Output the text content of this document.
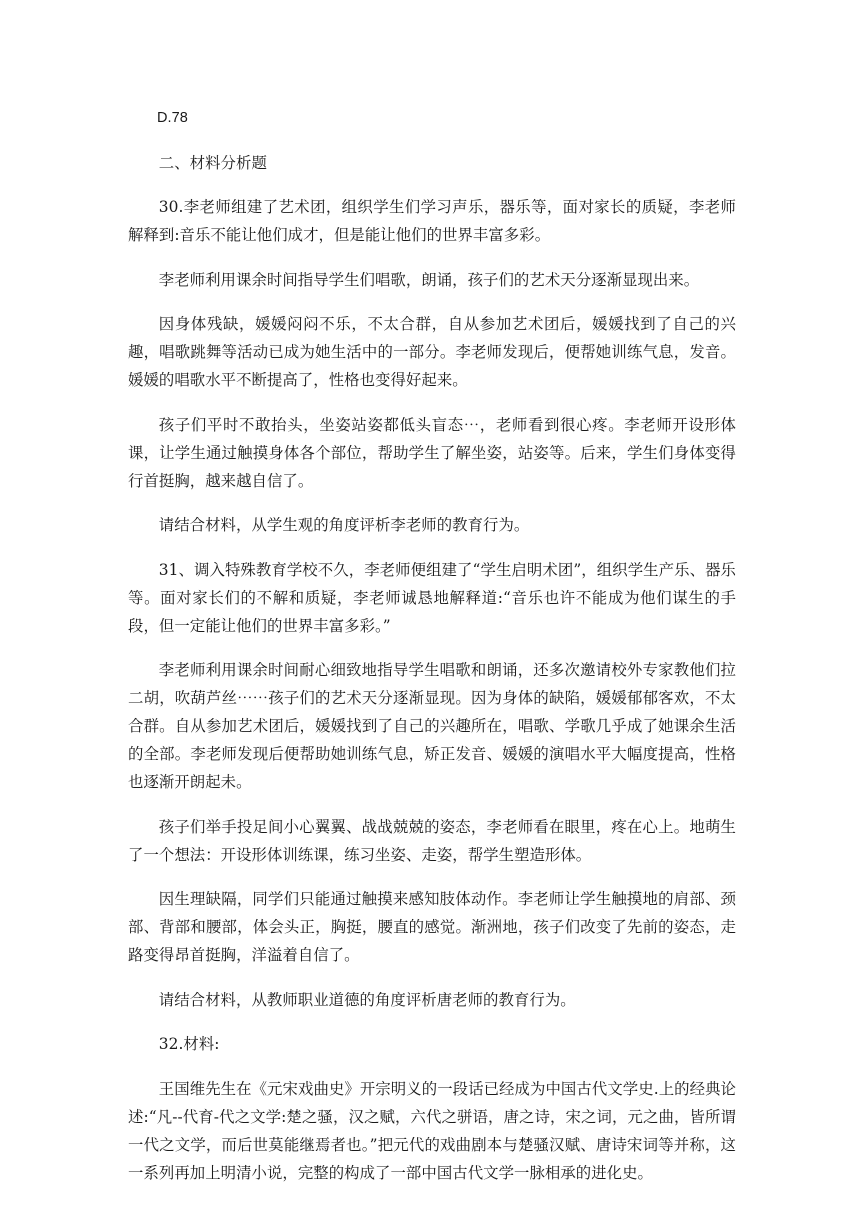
D.78

二、材料分析题

30.李老师组建了艺术团，组织学生们学习声乐，器乐等，面对家长的质疑，李老师解释到:音乐不能让他们成才，但是能让他们的世界丰富多彩。

李老师利用课余时间指导学生们唱歌，朗诵，孩子们的艺术天分逐渐显现出来。

因身体残缺，媛媛闷闷不乐，不太合群，自从参加艺术团后，媛媛找到了自己的兴趣，唱歌跳舞等活动已成为她生活中的一部分。李老师发现后，便帮她训练气息，发音。媛媛的唱歌水平不断提高了，性格也变得好起来。

孩子们平时不敢抬头，坐姿站姿都低头盲态⋯，老师看到很心疼。李老师开设形体课，让学生通过触摸身体各个部位，帮助学生了解坐姿，站姿等。后来，学生们身体变得行首挺胸，越来越自信了。

请结合材料，从学生观的角度评析李老师的教育行为。

31、调入特殊教育学校不久，李老师便组建了“学生启明术团”，组织学生产乐、器乐等。面对家长们的不解和质疑，李老师诚恳地解释道:“音乐也许不能成为他们谋生的手段，但一定能让他们的世界丰富多彩。”

李老师利用课余时间耐心细致地指导学生唱歌和朗诵，还多次邀请校外专家教他们拉二胡，吹葫芦丝⋯⋯孩子们的艺术天分逐渐显现。因为身体的缺陷，媛媛郁郁客欢，不太合群。自从参加艺术团后，媛媛找到了自己的兴趣所在，唱歌、学歌几乎成了她课余生活的全部。李老师发现后便帮助她训练气息，矫正发音、媛媛的演唱水平大幅度提高，性格也逐渐开朗起未。

孩子们举手投足间小心翼翼、战战兢兢的姿态，李老师看在眼里，疼在心上。地萌生了一个想法：开设形体训练课，练习坐姿、走姿，帮学生塑造形体。

因生理缺隔，同学们只能通过触摸来感知肢体动作。李老师让学生触摸地的肩部、颈部、背部和腰部，体会头正，胸挺，腰直的感觉。渐洲地，孩子们改变了先前的姿态，走路变得昂首挺胸，洋溢着自信了。

请结合材料，从教师职业道德的角度评析唐老师的教育行为。

32.材料:

王国维先生在《元宋戏曲史》开宗明义的一段话已经成为中国古代文学史.上的经典论述:“凡--代育-代之文学:楚之骚，汉之赋，六代之骈语，唐之诗，宋之词，元之曲，皆所谓一代之文学，而后世莫能继焉者也。”把元代的戏曲剧本与楚骚汉赋、唐诗宋词等并称，这一系列再加上明清小说，完整的构成了一部中国古代文学一脉相承的进化史。
